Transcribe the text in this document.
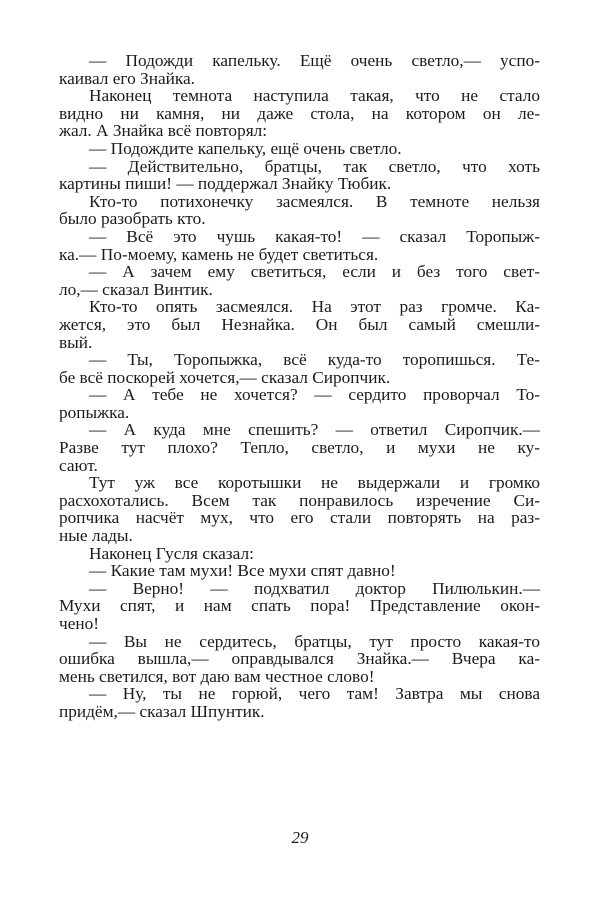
— Подожди капельку. Ещё очень светло,— успо-
каивал его Знайка.
Наконец темнота наступила такая, что не стало
видно ни камня, ни даже стола, на котором он ле-
жал. А Знайка всё повторял:
— Подождите капельку, ещё очень светло.
— Действительно, братцы, так светло, что хоть
картины пиши! — поддержал Знайку Тюбик.
Кто-то потихонечку засмеялся. В темноте нельзя
было разобрать кто.
— Всё это чушь какая-то! — сказал Торопыж-
ка.— По-моему, камень не будет светиться.
— А зачем ему светиться, если и без того свет-
ло,— сказал Винтик.
Кто-то опять засмеялся. На этот раз громче. Ка-
жется, это был Незнайка. Он был самый смешли-
вый.
— Ты, Торопыжка, всё куда-то торопишься. Те-
бе всё поскорей хочется,— сказал Сиропчик.
— А тебе не хочется? — сердито проворчал То-
ропыжка.
— А куда мне спешить? — ответил Сиропчик.—
Разве тут плохо? Тепло, светло, и мухи не ку-
сают.
Тут уж все коротышки не выдержали и громко
расхохотались. Всем так понравилось изречение Си-
ропчика насчёт мух, что его стали повторять на раз-
ные лады.
Наконец Гусля сказал:
— Какие там мухи! Все мухи спят давно!
— Верно! — подхватил доктор Пилюлькин.—
Мухи спят, и нам спать пора! Представление окон-
чено!
— Вы не сердитесь, братцы, тут просто какая-то
ошибка вышла,— оправдывался Знайка.— Вчера ка-
мень светился, вот даю вам честное слово!
— Ну, ты не горюй, чего там! Завтра мы снова
придём,— сказал Шпунтик.
29
